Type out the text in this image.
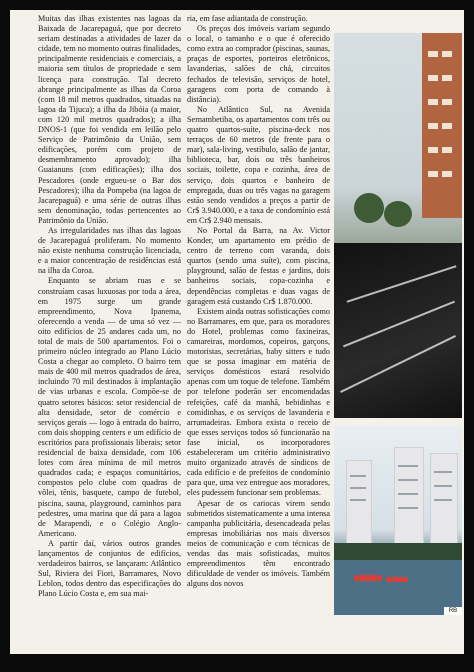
Muitas das ilhas existentes nas lagoas da Baixada de Jacarepaguá, que por decreto seriam destinadas a atividades de lazer da cidade, tem no momento outras finalidades, principalmente residenciais e comerciais, a maioria sem títulos de propriedade e sem licença para construção. Tal decreto abrange principalmente as ilhas da Coroa (com 18 mil metros quadrados, situadas na lagoa da Tijuca); a ilha da Jibóia (a maior, com 120 mil metros quadrados); a ilha DNOS-1 (que foi vendida em leilão pelo Serviço de Patrimônio da União, sem edificações, porém com projeto de desmembramento aprovado); ilha Guaianuns (com edificações); ilha dos Pescadores (onde ergueu-se o Bar dos Pescadores); ilha da Pompeba (na lagoa de Jacarepaguá) e uma série de outras ilhas sem denominação, todas pertencentes ao Patrimônio da União.

As irregularidades nas ilhas das lagoas de Jacarepaguá proliferam. No momento não existe nenhuma construção licenciada, e a maior concentração de residências está na ilha da Coroa.

Enquanto se abriam ruas e se construíam casas luxuosas por toda a área, em 1975 surge um grande empreendimento, Nova Ipanema, oferecendo a venda — de uma só vez — oito edifícios de 25 andares cada um, no total de mais de 500 apartamentos. Foi o primeiro núcleo integrado ao Plano Lúcio Costa a chegar ao completo. O bairro tem mais de 400 mil metros quadrados de área, incluindo 70 mil destinados à implantação de vias urbanas e escola. Compõe-se de quatro setores básicos: setor residencial de alta densidade, setor de comércio e serviços gerais — logo à entrada do bairro, com dois shopping centers e um edifício de escritórios para profissionais liberais; setor residencial de baixa densidade, com 106 lotes com área mínima de mil metros quadrados cada; e espaços comunitários, compostos pelo clube com quadras de vôlei, tênis, basquete, campo de futebol, piscina, sauna, playground, caminhos para pedestres, uma marina que dá para a lagoa de Marapendi, e o Colégio Anglo-Americano.

A partir daí, vários outros grandes lançamentos de conjuntos de edifícios, verdadeiros bairros, se lançaram: Atlântico Sul, Riviera dei Fiori, Barramares, Novo Leblon, todos dentro das especificações do Plano Lúcio Costa e, em sua mai-

ria, em fase adiantada de construção.

Os preços dos imóveis variam segundo o local, o tamanho e o que é oferecido como extra ao comprador (piscinas, saunas, praças de esportes, porteiros eletrônicos, lavanderias, salões de chá, circuitos fechados de televisão, serviços de hotel, garagens com porta de comando à distância).

No Atlântico Sul, na Avenida Sernambetiba, os apartamentos com três ou quatro quartos-suíte, piscina-deck nos terraços de 60 metros (de frente para o mar), sala-living, vestíbulo, salão de jantar, biblioteca, bar, dois ou três banheiros sociais, toilette, copa e cozinha, área de serviço, dois quartos e banheiro de empregada, duas ou três vagas na garagem estão sendo vendidos a preços a partir de Cr$ 3.940.000, e a taxa de condomínio está em Cr$ 2.940 mensais.

No Portal da Barra, na Av. Victor Konder, um apartamento em prédio de centro de terreno com varanda, dois quartos (sendo uma suíte), com piscina, playground, salão de festas e jardins, dois banheiros sociais, copa-cozinha e dependências completas e duas vagas de garagem está custando Cr$ 1.870.000.

Existem ainda outras sofisticações como no Barramares, em que, para os moradores do Hotel, problemas como faxineiras, camareiras, mordomos, copeiros, garçons, motoristas, secretárias, baby sitters e tudo que se possa imaginar em matéria de serviços domésticos estará resolvido apenas com um toque de telefone. Também por telefone poderão ser encomendadas refeições, café da manhã, bebidinhas e comidinhas, e os serviços de lavanderia e arrumadeiras. Embora exista o receio de que esses serviços todos só funcionarão na fase inicial, os incorporadores estabeleceram um critério administrativo muito organizado através de síndicos de cada edifício e de prefeitos de condomínio para que, uma vez entregue aos moradores, eles pudessem funcionar sem problemas.

Apesar de os cariocas virem sendo submetidos sistematicamente a uma intensa campanha publicitária, desencadeada pelas empresas imobiliárias nos mais diversos meios de comunicação e com técnicas de vendas das mais sofisticadas, muitos empreendimentos têm encontrado dificuldade de vender os imóveis. Também alguns dos novos

RB
